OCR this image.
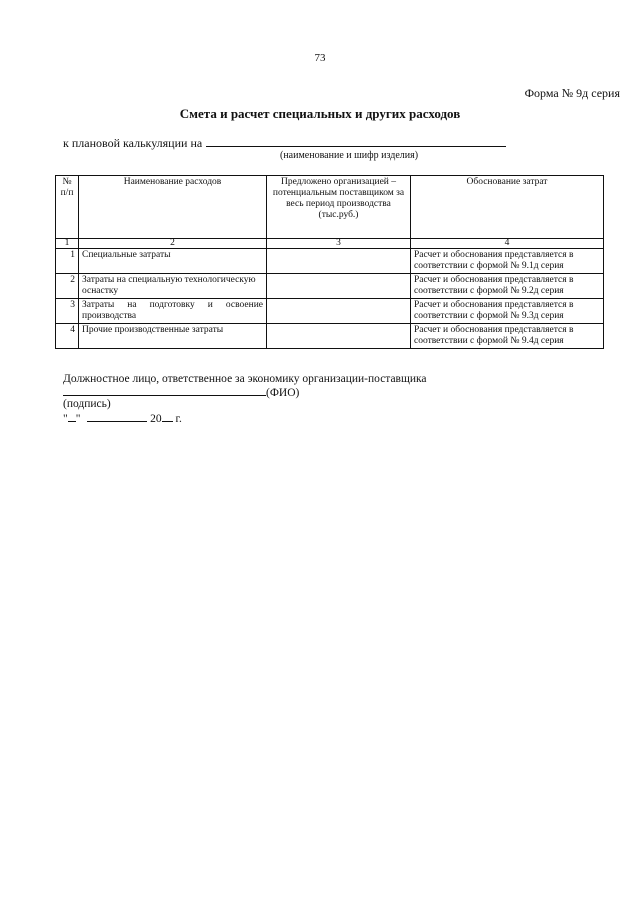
73
Форма № 9д серия
Смета и расчет специальных и других расходов
к плановой калькуляции на
(наименование и шифр изделия)
№ п/п	Наименование расходов	Предложено организацией – потенциальным поставщиком за весь период производства (тыс.руб.)	Обоснование затрат
1	2	3	4
1	Специальные затраты		Расчет и обоснования представляется в соответствии с формой № 9.1д серия
2	Затраты на специальную технологическую оснастку		Расчет и обоснования представляется в соответствии с формой № 9.2д серия
3	Затраты на подготовку и освоение производства		Расчет и обоснования представляется в соответствии с формой № 9.3д серия
4	Прочие производственные затраты		Расчет и обоснования представляется в соответствии с формой № 9.4д серия
Должностное лицо, ответственное за экономику организации-поставщика
(ФИО)
(подпись)
" "	20 г.
